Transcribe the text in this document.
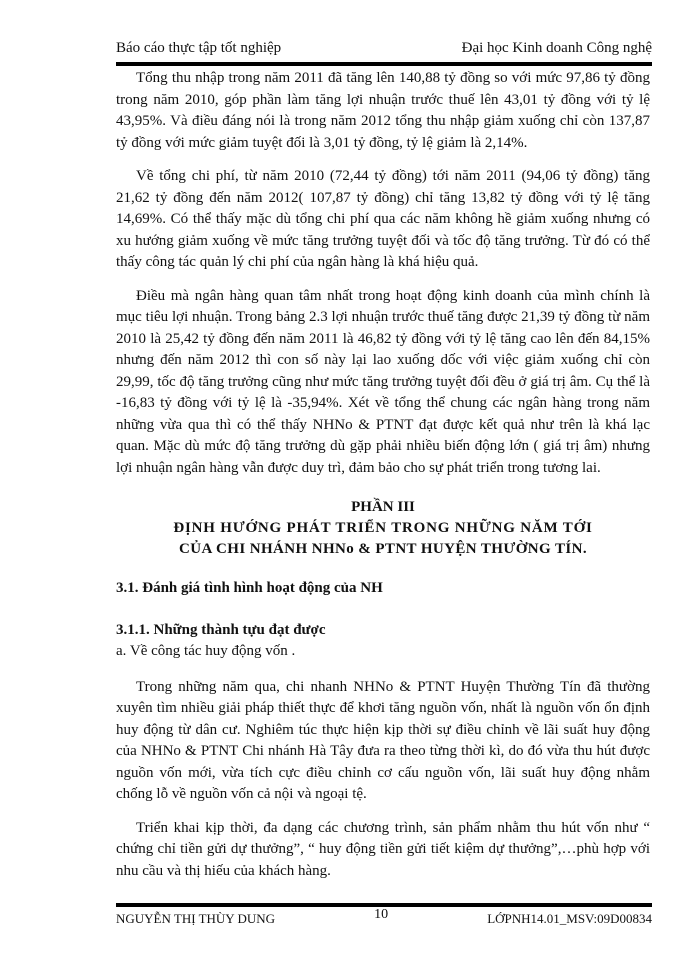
Báo cáo thực tập tốt nghiệp	Đại học Kinh doanh Công nghệ

Tổng thu nhập trong năm 2011 đã tăng lên 140,88 tỷ đồng so với mức 97,86 tỷ đồng trong năm 2010, góp phần làm tăng lợi nhuận trước thuế lên 43,01 tỷ đồng với tỷ lệ 43,95%. Và điều đáng nói là trong năm 2012 tổng thu nhập giảm xuống chỉ còn 137,87 tỷ đồng với mức giảm tuyệt đối là 3,01 tỷ đồng, tỷ lệ giảm là 2,14%.

Về tổng chi phí, từ năm 2010 (72,44 tỷ đồng) tới năm 2011 (94,06 tỷ đồng) tăng 21,62 tỷ đồng đến năm 2012( 107,87 tỷ đồng) chỉ tăng 13,82 tỷ đồng với tỷ lệ tăng 14,69%. Có thể thấy mặc dù tổng chi phí qua các năm không hề giảm xuống nhưng có xu hướng giảm xuống về mức tăng trưởng tuyệt đối và tốc độ tăng trưởng. Từ đó có thể thấy công tác quản lý chi phí của ngân hàng là khá hiệu quả.

Điều mà ngân hàng quan tâm nhất trong hoạt động kinh doanh của mình chính là mục tiêu lợi nhuận. Trong bảng 2.3 lợi nhuận trước thuế tăng được 21,39 tỷ đồng từ năm 2010 là 25,42 tỷ đồng đến năm 2011 là 46,82 tỷ đồng với tỷ lệ tăng cao lên đến 84,15% nhưng đến năm 2012 thì con số này lại lao xuống dốc với việc giảm xuống chỉ còn 29,99, tốc độ tăng trưởng cũng như mức tăng trưởng tuyệt đối đều ở giá trị âm. Cụ thể là -16,83 tỷ đồng với tỷ lệ là -35,94%. Xét về tổng thể chung các ngân hàng trong năm những vừa qua thì có thể thấy NHNo & PTNT đạt được kết quả như trên là khá lạc quan. Mặc dù mức độ tăng trưởng dù gặp phải nhiều biến động lớn ( giá trị âm) nhưng lợi nhuận ngân hàng vẫn được duy trì, đảm bảo cho sự phát triển trong tương lai.

PHẦN III
ĐỊNH HƯỚNG PHÁT TRIỂN TRONG NHỮNG NĂM TỚI
CỦA CHI NHÁNH NHNo & PTNT HUYỆN THƯỜNG TÍN.
3.1. Đánh giá tình hình hoạt động của NH
3.1.1. Những thành tựu đạt được
a. Về công tác huy động vốn .

Trong những năm qua, chi nhanh NHNo & PTNT Huyện Thường Tín đã thường xuyên tìm nhiều giải pháp thiết thực để khơi tăng nguồn vốn, nhất là nguồn vốn ổn định huy động từ dân cư. Nghiêm túc thực hiện kịp thời sự điều chỉnh về lãi suất huy động của NHNo & PTNT Chi nhánh Hà Tây đưa ra theo từng thời kì, do đó vừa thu hút được nguồn vốn mới, vừa tích cực điều chỉnh cơ cấu nguồn vốn, lãi suất huy động nhằm chống lỗ về nguồn vốn cả nội và ngoại tệ.

Triển khai kịp thời, đa dạng các chương trình, sản phẩm nhằm thu hút vốn như “ chứng chỉ tiền gửi dự thưởng”, “ huy động tiền gửi tiết kiệm dự thưởng”,…phù hợp với nhu cầu và thị hiếu của khách hàng.

NGUYỄN THỊ THÙY DUNG	10	LỚPNH14.01_MSV:09D00834
